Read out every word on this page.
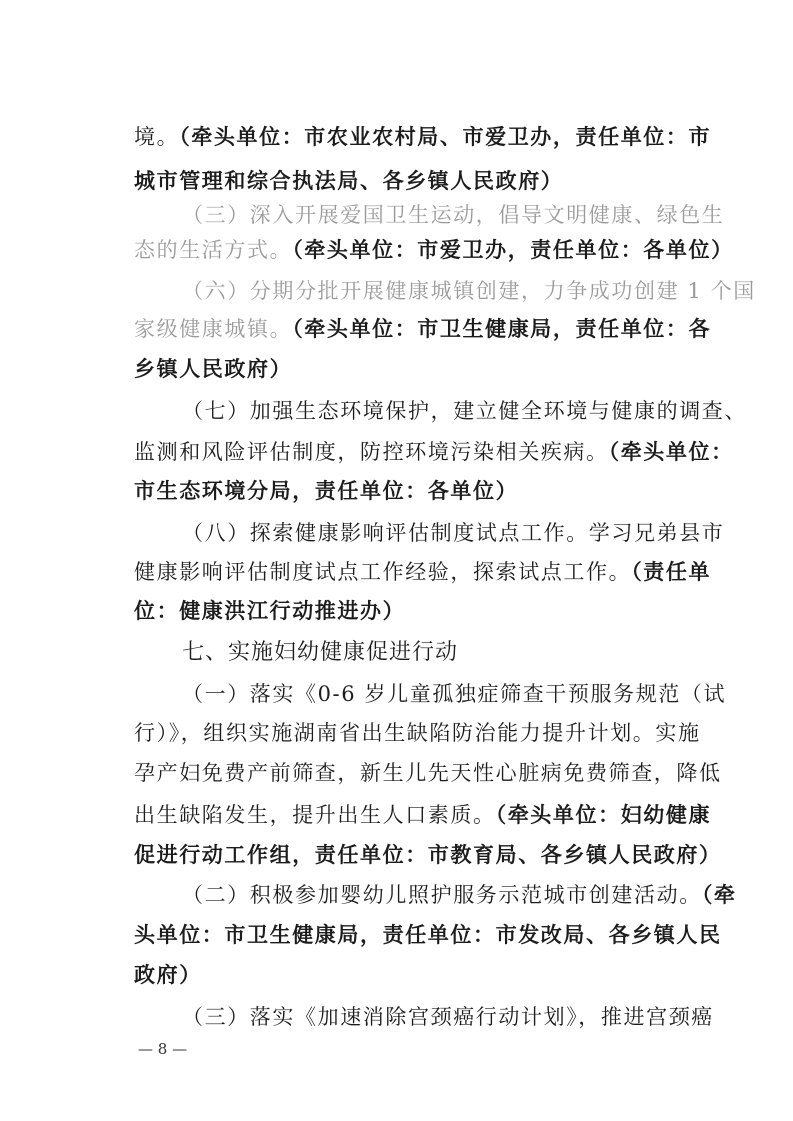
境。（牵头单位：市农业农村局、市爱卫办，责任单位：市
城市管理和综合执法局、各乡镇人民政府）
（三）深入开展爱国卫生运动，倡导文明健康、绿色生
态的生活方式。（牵头单位：市爱卫办，责任单位：各单位）
（六）分期分批开展健康城镇创建，力争成功创建 1 个国
家级健康城镇。（牵头单位：市卫生健康局，责任单位：各
乡镇人民政府）
（七）加强生态环境保护，建立健全环境与健康的调查、
监测和风险评估制度，防控环境污染相关疾病。（牵头单位：
市生态环境分局，责任单位：各单位）
（八）探索健康影响评估制度试点工作。学习兄弟县市
健康影响评估制度试点工作经验，探索试点工作。（责任单
位：健康洪江行动推进办）
七、实施妇幼健康促进行动
（一）落实《0-6 岁儿童孤独症筛查干预服务规范（试
行）》，组织实施湖南省出生缺陷防治能力提升计划。实施
孕产妇免费产前筛查，新生儿先天性心脏病免费筛查，降低
出生缺陷发生，提升出生人口素质。（牵头单位：妇幼健康
促进行动工作组，责任单位：市教育局、各乡镇人民政府）
（二）积极参加婴幼儿照护服务示范城市创建活动。（牵
头单位：市卫生健康局，责任单位：市发改局、各乡镇人民
政府）
（三）落实《加速消除宫颈癌行动计划》，推进宫颈癌
— 8 —
